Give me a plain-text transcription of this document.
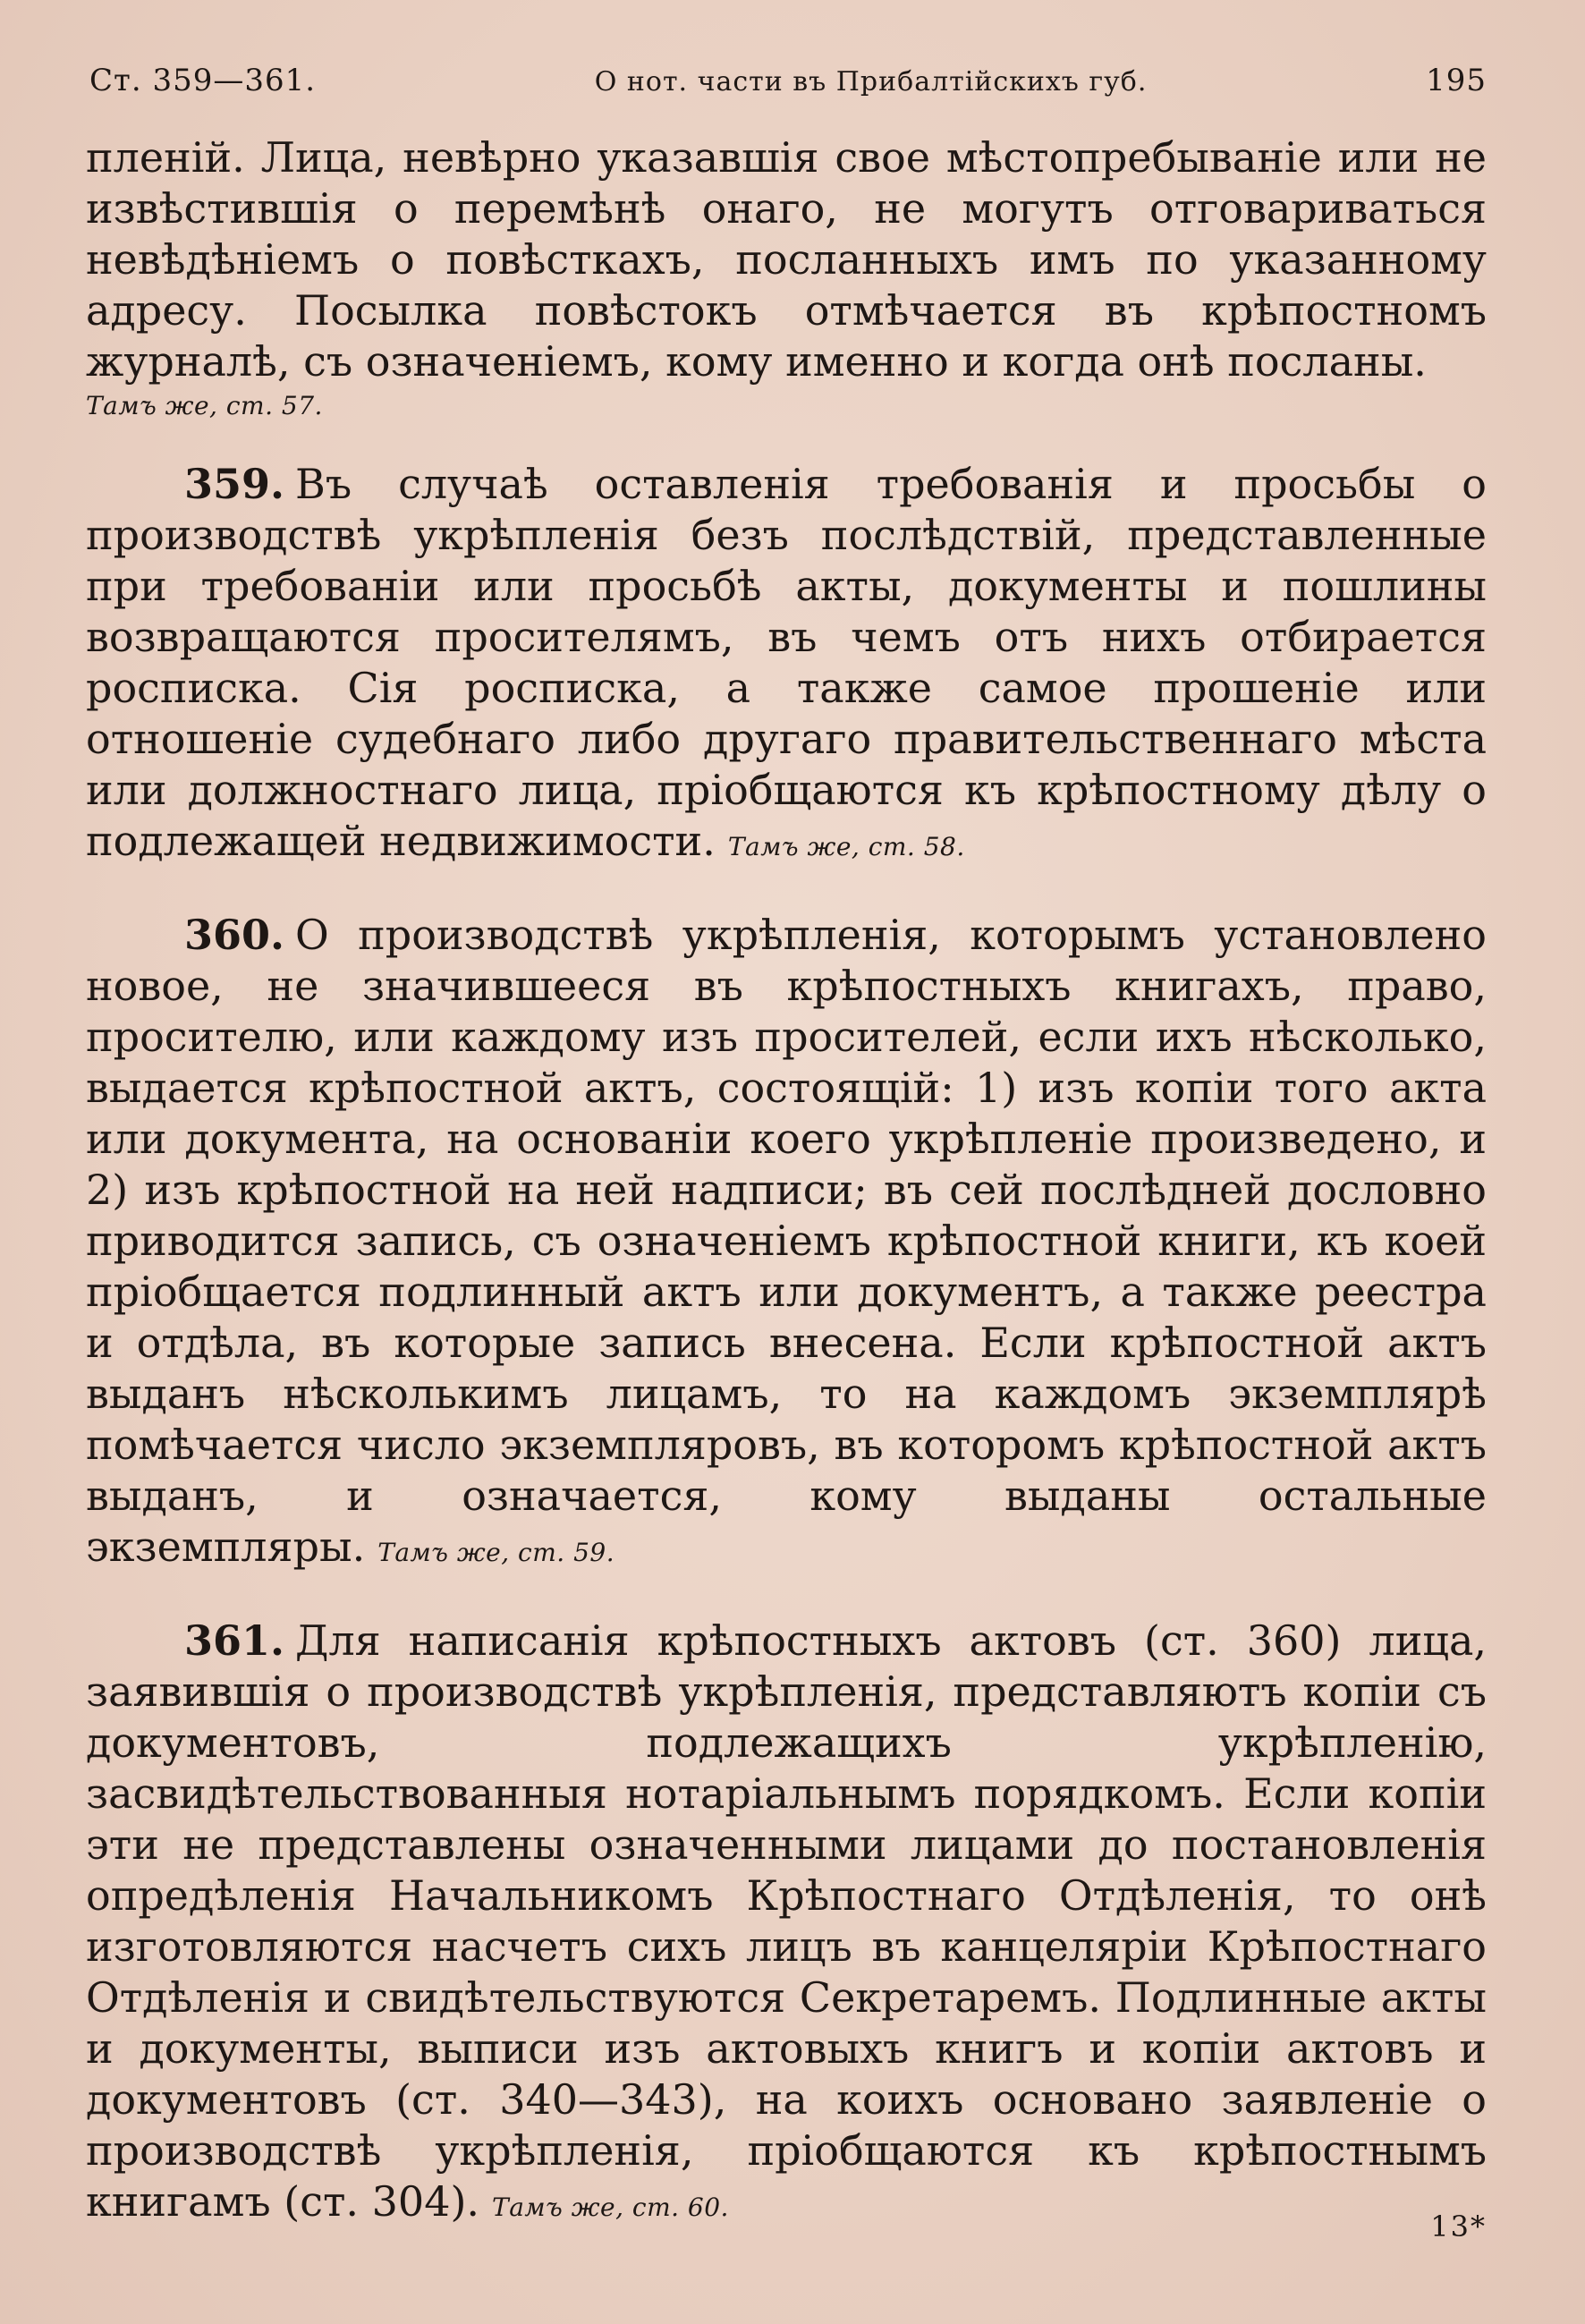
Ст. 359—361.	О нот. части въ Прибалтійскихъ губ.	195

пленій. Лица, невѣрно указавшія свое мѣстопребываніе или не извѣстившія о перемѣнѣ онаго, не могутъ отговариваться невѣдѣніемъ о повѣсткахъ, посланныхъ имъ по указанному адресу. Посылка повѣстокъ отмѣчается въ крѣпостномъ журналѣ, съ означеніемъ, кому именно и когда онѣ посланы.
Тамъ же, ст. 57.

359. Въ случаѣ оставленія требованія и просьбы о производствѣ укрѣпленія безъ послѣдствій, представленные при требованіи или просьбѣ акты, документы и пошлины возвращаются просителямъ, въ чемъ отъ нихъ отбирается росписка. Сія росписка, а также самое прошеніе или отношеніе судебнаго либо другаго правительственнаго мѣста или должностнаго лица, пріобщаются къ крѣпостному дѣлу о подлежащей недвижимости. Тамъ же, ст. 58.

360. О производствѣ укрѣпленія, которымъ установлено новое, не значившееся въ крѣпостныхъ книгахъ, право, просителю, или каждому изъ просителей, если ихъ нѣсколько, выдается крѣпостной актъ, состоящій: 1) изъ копіи того акта или документа, на основаніи коего укрѣпленіе произведено, и 2) изъ крѣпостной на ней надписи; въ сей послѣдней дословно приводится запись, съ означеніемъ крѣпостной книги, къ коей пріобщается подлинный актъ или документъ, а также реестра и отдѣла, въ которые запись внесена. Если крѣпостной актъ выданъ нѣсколькимъ лицамъ, то на каждомъ экземплярѣ помѣчается число экземпляровъ, въ которомъ крѣпостной актъ выданъ, и означается, кому выданы остальные экземпляры. Тамъ же, ст. 59.

361. Для написанія крѣпостныхъ актовъ (ст. 360) лица, заявившія о производствѣ укрѣпленія, представляютъ копіи съ документовъ, подлежащихъ укрѣпленію, засвидѣтельствованныя нотаріальнымъ порядкомъ. Если копіи эти не представлены означенными лицами до постановленія опредѣленія Начальникомъ Крѣпостнаго Отдѣленія, то онѣ изготовляются насчетъ сихъ лицъ въ канцеляріи Крѣпостнаго Отдѣленія и свидѣтельствуются Секретаремъ. Подлинные акты и документы, выписи изъ актовыхъ книгъ и копіи актовъ и документовъ (ст. 340—343), на коихъ основано заявленіе о производствѣ укрѣпленія, пріобщаются къ крѣпостнымъ книгамъ (ст. 304). Тамъ же, ст. 60.

13*
